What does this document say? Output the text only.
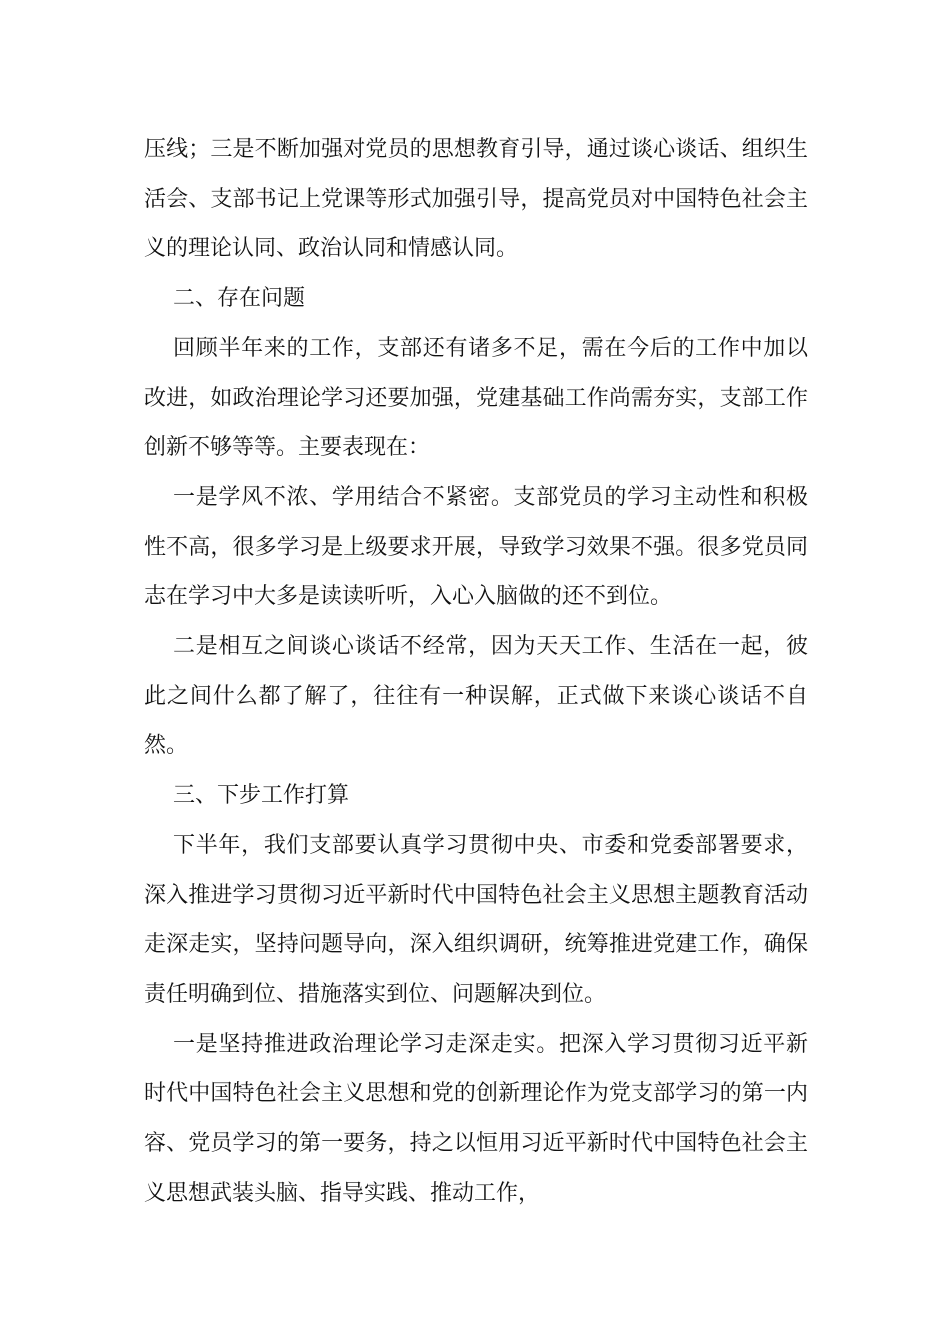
压线；三是不断加强对党员的思想教育引导，通过谈心谈话、组织生活会、支部书记上党课等形式加强引导，提高党员对中国特色社会主义的理论认同、政治认同和情感认同。

二、存在问题

回顾半年来的工作，支部还有诸多不足，需在今后的工作中加以改进，如政治理论学习还要加强，党建基础工作尚需夯实，支部工作创新不够等等。主要表现在：

一是学风不浓、学用结合不紧密。支部党员的学习主动性和积极性不高，很多学习是上级要求开展，导致学习效果不强。很多党员同志在学习中大多是读读听听，入心入脑做的还不到位。

二是相互之间谈心谈话不经常，因为天天工作、生活在一起，彼此之间什么都了解了，往往有一种误解，正式做下来谈心谈话不自然。

三、下步工作打算

下半年，我们支部要认真学习贯彻中央、市委和党委部署要求，深入推进学习贯彻习近平新时代中国特色社会主义思想主题教育活动走深走实，坚持问题导向，深入组织调研，统筹推进党建工作，确保责任明确到位、措施落实到位、问题解决到位。

一是坚持推进政治理论学习走深走实。把深入学习贯彻习近平新时代中国特色社会主义思想和党的创新理论作为党支部学习的第一内容、党员学习的第一要务，持之以恒用习近平新时代中国特色社会主义思想武装头脑、指导实践、推动工作，
